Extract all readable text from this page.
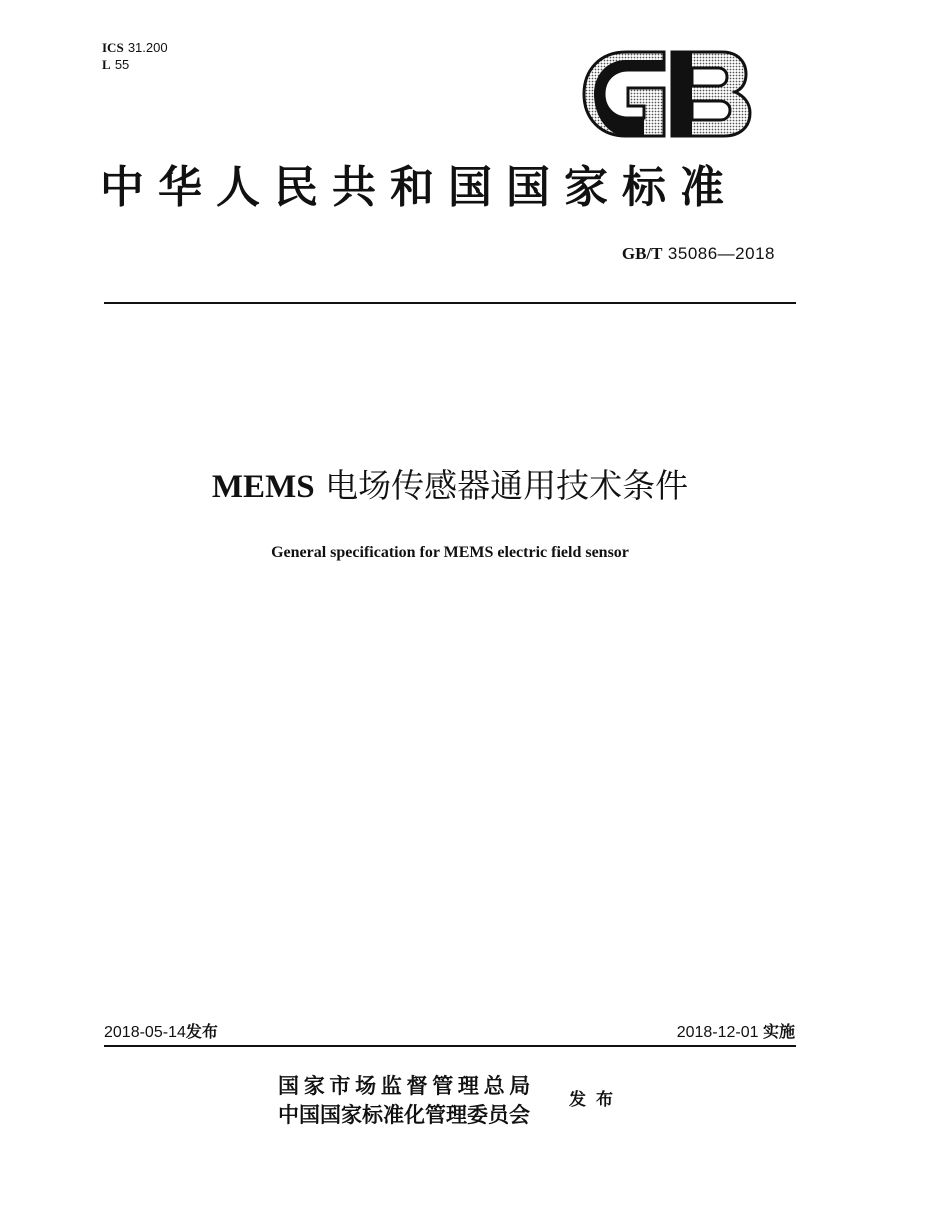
ICS 31.200
L 55
中华人民共和国国家标准
GB/T 35086—2018
MEMS 电场传感器通用技术条件
General specification for MEMS electric field sensor
2018-05-14发布	2018-12-01 实施
国家市场监督管理总局
中国国家标准化管理委员会
发布
